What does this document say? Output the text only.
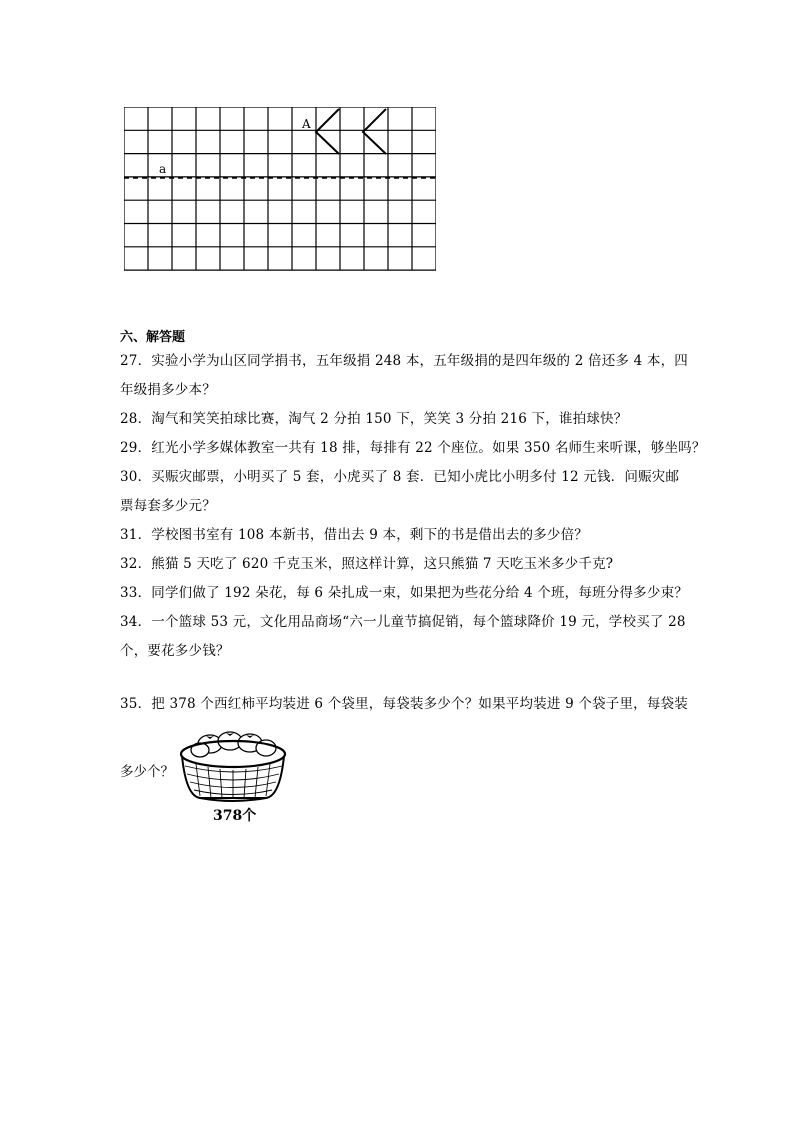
A
a
六、解答题
27．实验小学为山区同学捐书，五年级捐 248 本，五年级捐的是四年级的 2 倍还多 4 本，四
年级捐多少本？
28．淘气和笑笑拍球比赛，淘气 2 分拍 150 下，笑笑 3 分拍 216 下，谁拍球快？
29．红光小学多媒体教室一共有 18 排，每排有 22 个座位。如果 350 名师生来听课，够坐吗？
30．买赈灾邮票，小明买了 5 套，小虎买了 8 套．已知小虎比小明多付 12 元钱．问赈灾邮
票每套多少元？
31．学校图书室有 108 本新书，借出去 9 本，剩下的书是借出去的多少倍？
32．熊猫 5 天吃了 620 千克玉米，照这样计算，这只熊猫 7 天吃玉米多少千克?
33．同学们做了 192 朵花，每 6 朵扎成一束，如果把为些花分给 4 个班，每班分得多少束？
34．一个篮球 53 元，文化用品商场“六一儿童节搞促销，每个篮球降价 19 元，学校买了 28
个，要花多少钱？
35．把 378 个西红柿平均装进 6 个袋里，每袋装多少个？如果平均装进 9 个袋子里，每袋装
多少个？
378个
